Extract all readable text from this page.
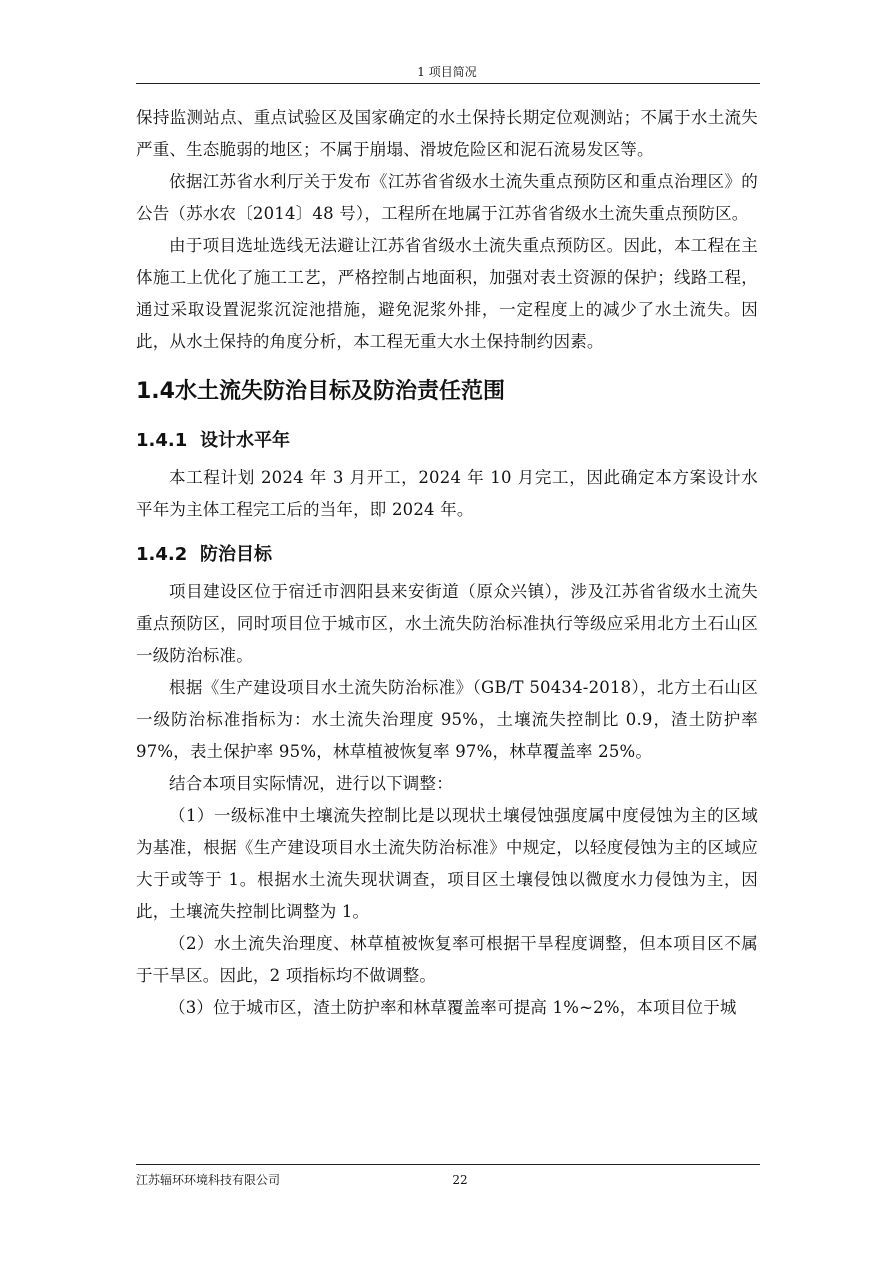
1 项目简况

保持监测站点、重点试验区及国家确定的水土保持长期定位观测站；不属于水土流失严重、生态脆弱的地区；不属于崩塌、滑坡危险区和泥石流易发区等。

依据江苏省水利厅关于发布《江苏省省级水土流失重点预防区和重点治理区》的公告（苏水农〔2014〕48 号），工程所在地属于江苏省省级水土流失重点预防区。

由于项目选址选线无法避让江苏省省级水土流失重点预防区。因此，本工程在主体施工上优化了施工工艺，严格控制占地面积，加强对表土资源的保护；线路工程，通过采取设置泥浆沉淀池措施，避免泥浆外排，一定程度上的减少了水土流失。因此，从水土保持的角度分析，本工程无重大水土保持制约因素。

1.4水土流失防治目标及防治责任范围
1.4.1 设计水平年

本工程计划 2024 年 3 月开工，2024 年 10 月完工，因此确定本方案设计水平年为主体工程完工后的当年，即 2024 年。

1.4.2 防治目标

项目建设区位于宿迁市泗阳县来安街道（原众兴镇），涉及江苏省省级水土流失重点预防区，同时项目位于城市区，水土流失防治标准执行等级应采用北方土石山区一级防治标准。

根据《生产建设项目水土流失防治标准》（GB/T 50434-2018），北方土石山区一级防治标准指标为：水土流失治理度 95%，土壤流失控制比 0.9，渣土防护率 97%，表土保护率 95%，林草植被恢复率 97%，林草覆盖率 25%。

结合本项目实际情况，进行以下调整：

（1）一级标准中土壤流失控制比是以现状土壤侵蚀强度属中度侵蚀为主的区域为基准，根据《生产建设项目水土流失防治标准》中规定，以轻度侵蚀为主的区域应大于或等于 1。根据水土流失现状调查，项目区土壤侵蚀以微度水力侵蚀为主，因此，土壤流失控制比调整为 1。

（2）水土流失治理度、林草植被恢复率可根据干旱程度调整，但本项目区不属于干旱区。因此，2 项指标均不做调整。

（3）位于城市区，渣土防护率和林草覆盖率可提高 1%~2%，本项目位于城

江苏辐环环境科技有限公司	22
